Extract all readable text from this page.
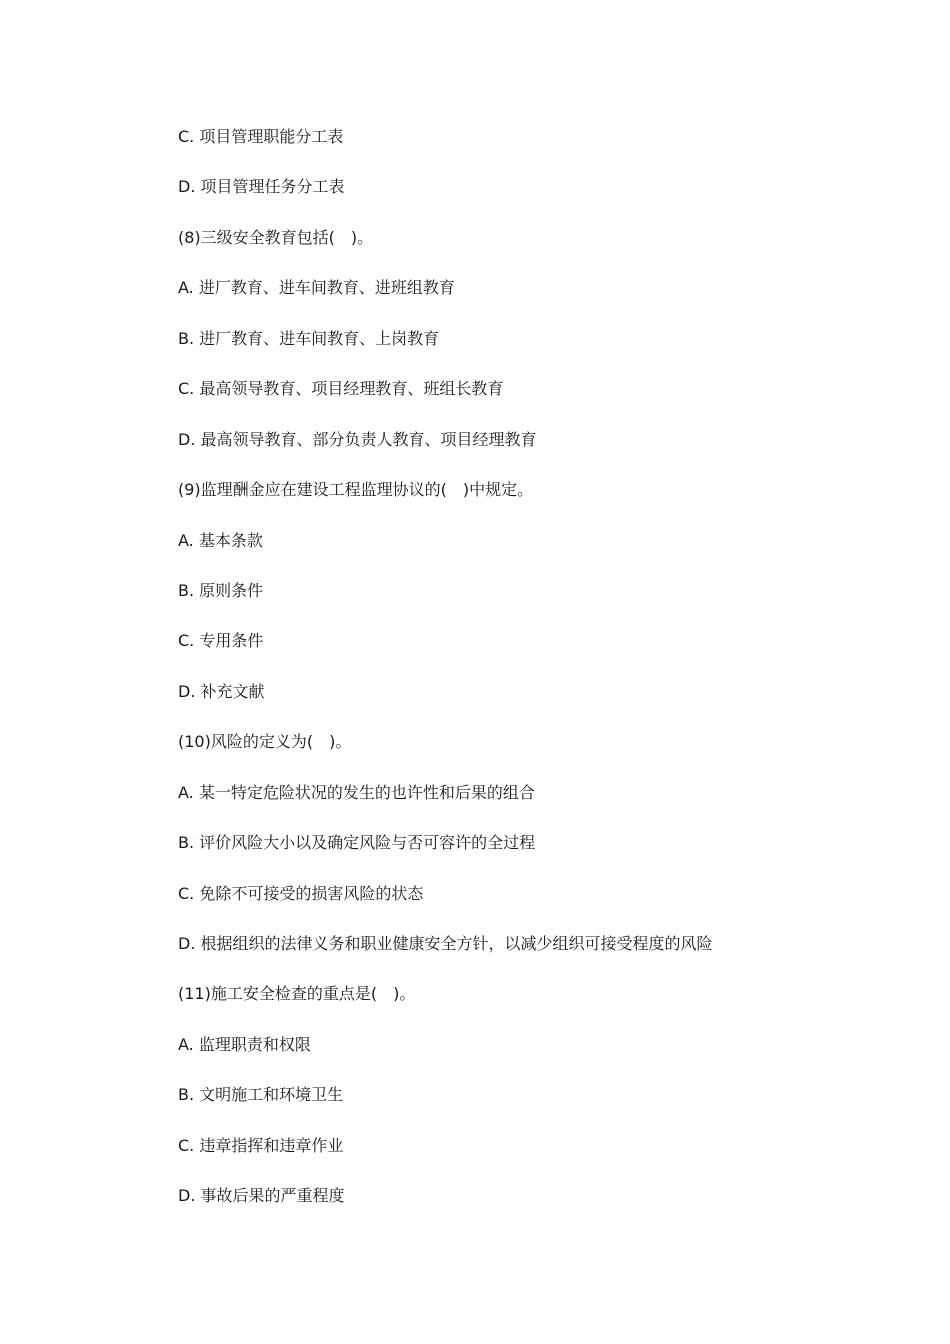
C. 项目管理职能分工表
D. 项目管理任务分工表
(8)三级安全教育包括(　)。
A. 进厂教育、进车间教育、进班组教育
B. 进厂教育、进车间教育、上岗教育
C. 最高领导教育、项目经理教育、班组长教育
D. 最高领导教育、部分负责人教育、项目经理教育
(9)监理酬金应在建设工程监理协议的(　)中规定。
A. 基本条款
B. 原则条件
C. 专用条件
D. 补充文献
(10)风险的定义为(　)。
A. 某一特定危险状况的发生的也许性和后果的组合
B. 评价风险大小以及确定风险与否可容许的全过程
C. 免除不可接受的损害风险的状态
D. 根据组织的法律义务和职业健康安全方针，以减少组织可接受程度的风险
(11)施工安全检查的重点是(　)。
A. 监理职责和权限
B. 文明施工和环境卫生
C. 违章指挥和违章作业
D. 事故后果的严重程度
